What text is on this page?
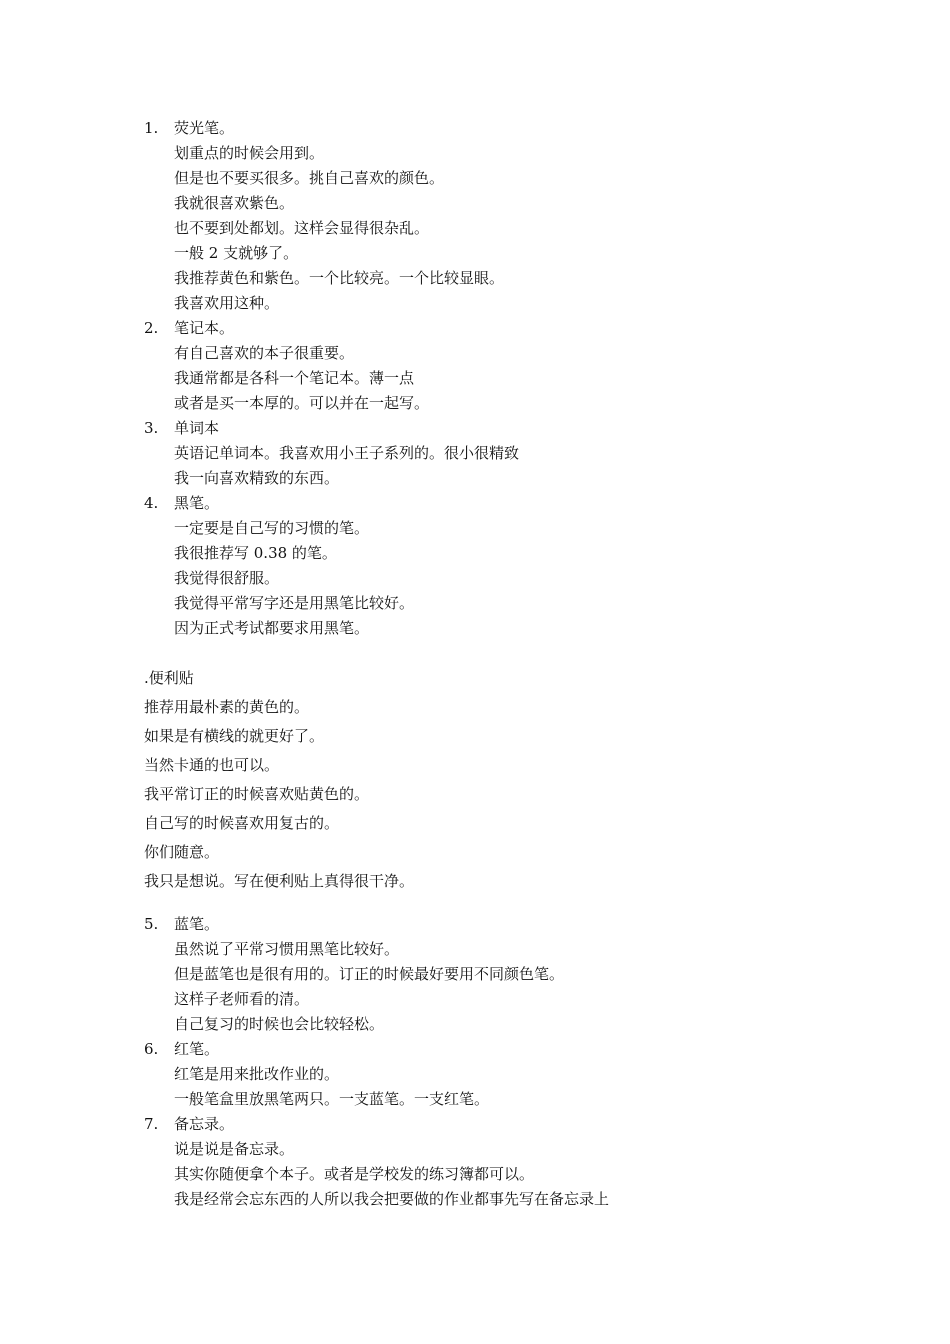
1.	荧光笔。
划重点的时候会用到。
但是也不要买很多。挑自己喜欢的颜色。
我就很喜欢紫色。
也不要到处都划。这样会显得很杂乱。
一般 2 支就够了。
我推荐黄色和紫色。一个比较亮。一个比较显眼。
我喜欢用这种。
2.	笔记本。
有自己喜欢的本子很重要。
我通常都是各科一个笔记本。薄一点
或者是买一本厚的。可以并在一起写。
3.	单词本
英语记单词本。我喜欢用小王子系列的。很小很精致
我一向喜欢精致的东西。
4.	黑笔。
一定要是自己写的习惯的笔。
我很推荐写 0.38 的笔。
我觉得很舒服。
我觉得平常写字还是用黑笔比较好。
因为正式考试都要求用黑笔。
.便利贴
推荐用最朴素的黄色的。
如果是有横线的就更好了。
当然卡通的也可以。
我平常订正的时候喜欢贴黄色的。
自己写的时候喜欢用复古的。
你们随意。
我只是想说。写在便利贴上真得很干净。
5.	蓝笔。
虽然说了平常习惯用黑笔比较好。
但是蓝笔也是很有用的。订正的时候最好要用不同颜色笔。
这样子老师看的清。
自己复习的时候也会比较轻松。
6.	红笔。
红笔是用来批改作业的。
一般笔盒里放黑笔两只。一支蓝笔。一支红笔。
7.	备忘录。
说是说是备忘录。
其实你随便拿个本子。或者是学校发的练习簿都可以。
我是经常会忘东西的人所以我会把要做的作业都事先写在备忘录上
